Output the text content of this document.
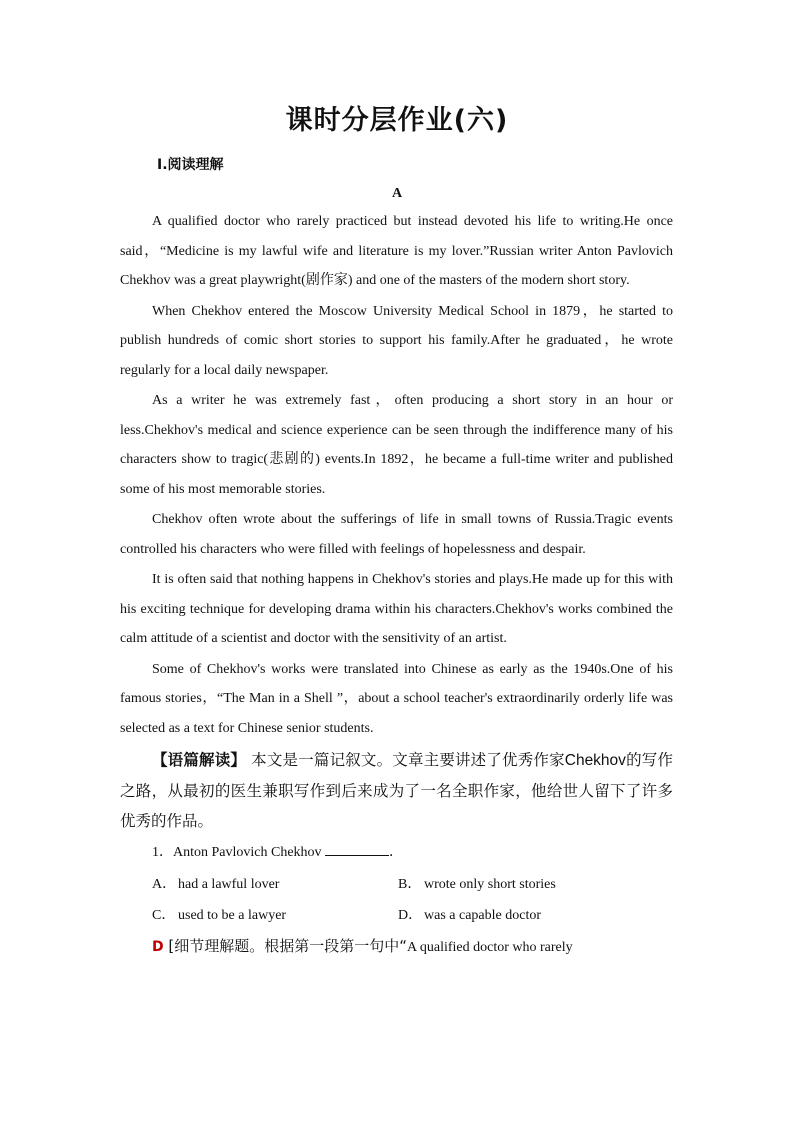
课时分层作业(六)
Ⅰ.阅读理解
A

A qualified doctor who rarely practiced but instead devoted his life to writing.He once said，“Medicine is my lawful wife and literature is my lover.”Russian writer Anton Pavlovich Chekhov was a great playwright(剧作家) and one of the masters of the modern short story.

When Chekhov entered the Moscow University Medical School in 1879，he started to publish hundreds of comic short stories to support his family.After he graduated，he wrote regularly for a local daily newspaper.

As a writer he was extremely fast，often producing a short story in an hour or less.Chekhov's medical and science experience can be seen through the indifference many of his characters show to tragic(悲剧的) events.In 1892，he became a full-time writer and published some of his most memorable stories.

Chekhov often wrote about the sufferings of life in small towns of Russia.Tragic events controlled his characters who were filled with feelings of hopelessness and despair.

It is often said that nothing happens in Chekhov's stories and plays.He made up for this with his exciting technique for developing drama within his characters.Chekhov's works combined the calm attitude of a scientist and doctor with the sensitivity of an artist.

Some of Chekhov's works were translated into Chinese as early as the 1940s.One of his famous stories，“The Man in a Shell ”，about a school teacher's extraordinarily orderly life was selected as a text for Chinese senior students.

【语篇解读】 本文是一篇记叙文。文章主要讲述了优秀作家Chekhov的写作之路，从最初的医生兼职写作到后来成为了一名全职作家，他给世人留下了许多优秀的作品。

1．Anton Pavlovich Chekhov	．

A． had a lawful lover	B． wrote only short stories
C． used to be a lawyer	D． was a capable doctor

D [细节理解题。根据第一段第一句中“A qualified doctor who rarely
